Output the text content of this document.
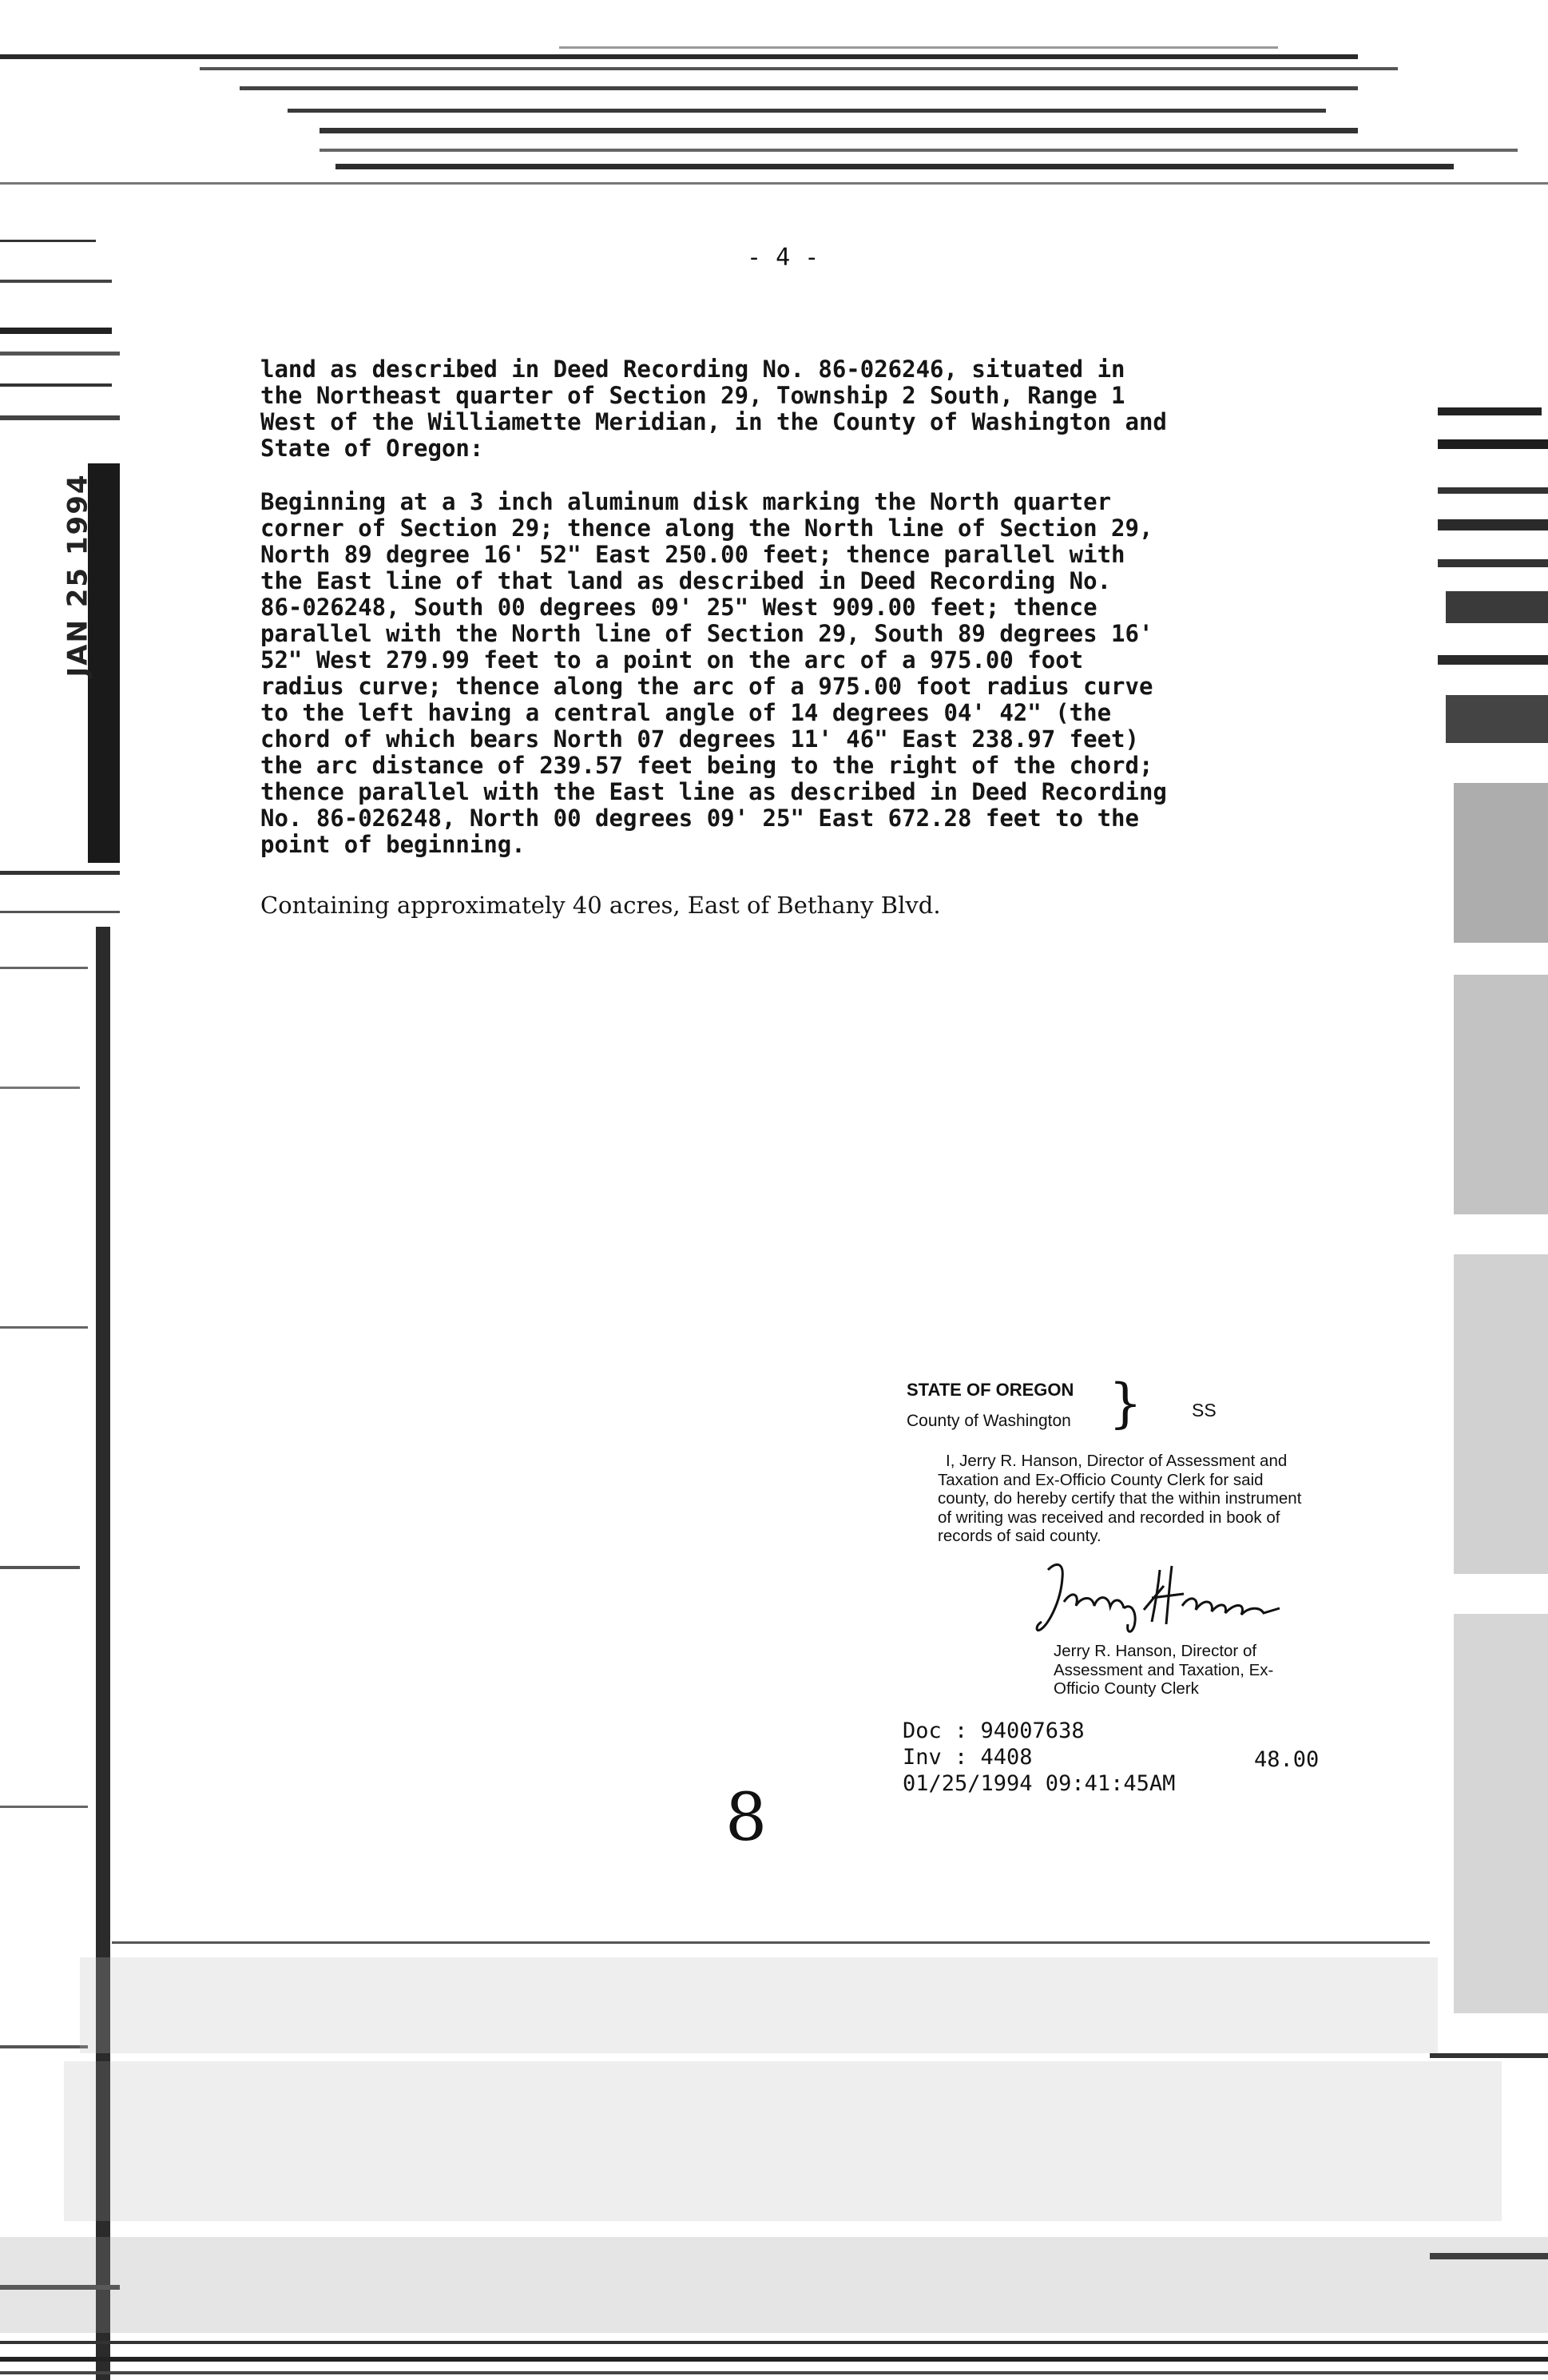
JAN 25 1994
- 4 -
land as described in Deed Recording No. 86-026246, situated in
the Northeast quarter of Section 29, Township 2 South, Range 1
West of the Williamette Meridian, in the County of Washington and
State of Oregon:
Beginning at a 3 inch aluminum disk marking the North quarter
corner of Section 29; thence along the North line of Section 29,
North 89 degree 16' 52" East 250.00 feet; thence parallel with
the East line of that land as described in Deed Recording No.
86-026248, South 00 degrees 09' 25" West 909.00 feet; thence
parallel with the North line of Section 29, South 89 degrees 16'
52" West 279.99 feet to a point on the arc of a 975.00 foot
radius curve; thence along the arc of a 975.00 foot radius curve
to the left having a central angle of 14 degrees 04' 42" (the
chord of which bears North 07 degrees 11' 46" East 238.97 feet)
the arc distance of 239.57 feet being to the right of the chord;
thence parallel with the East line as described in Deed Recording
No. 86-026248, North 00 degrees 09' 25" East 672.28 feet to the
point of beginning.
Containing approximately 40 acres, East of Bethany Blvd.
STATE OF OREGON
County of Washington }	SS
I, Jerry R. Hanson, Director of Assessment and Taxation and Ex-Officio County Clerk for said county, do hereby certify that the within instrument of writing was received and recorded in book of records of said county.
Jerry R. Hanson, Director of Assessment and Taxation, Ex-Officio County Clerk
Doc : 94007638
Inv : 4408	48.00
01/25/1994 09:41:45AM
8
